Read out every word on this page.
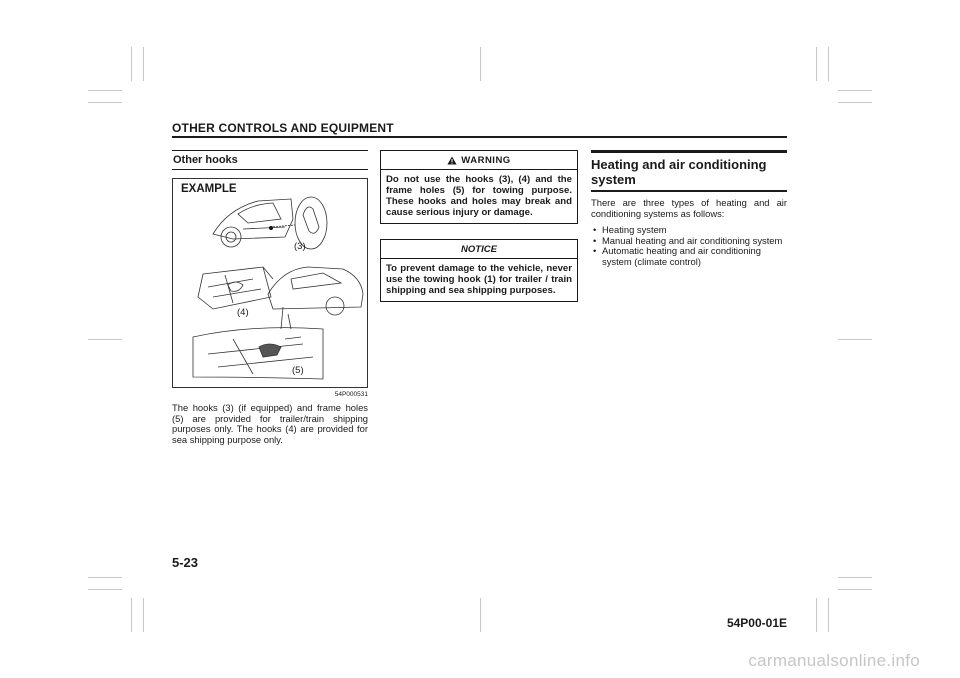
OTHER CONTROLS AND EQUIPMENT
Other hooks
EXAMPLE
(3)
(4)
(5)
54P000531
The hooks (3) (if equipped) and frame holes (5) are provided for trailer/train shipping purposes only. The hooks (4) are provided for sea shipping purpose only.
WARNING
Do not use the hooks (3), (4) and the frame holes (5) for towing purpose. These hooks and holes may break and cause serious injury or damage.
NOTICE
To prevent damage to the vehicle, never use the towing hook (1) for trailer / train shipping and sea shipping purposes.
Heating and air conditioning system
There are three types of heating and air conditioning systems as follows:
• Heating system
• Manual heating and air conditioning system
• Automatic heating and air conditioning system (climate control)
5-23
54P00-01E
carmanualsonline.info
